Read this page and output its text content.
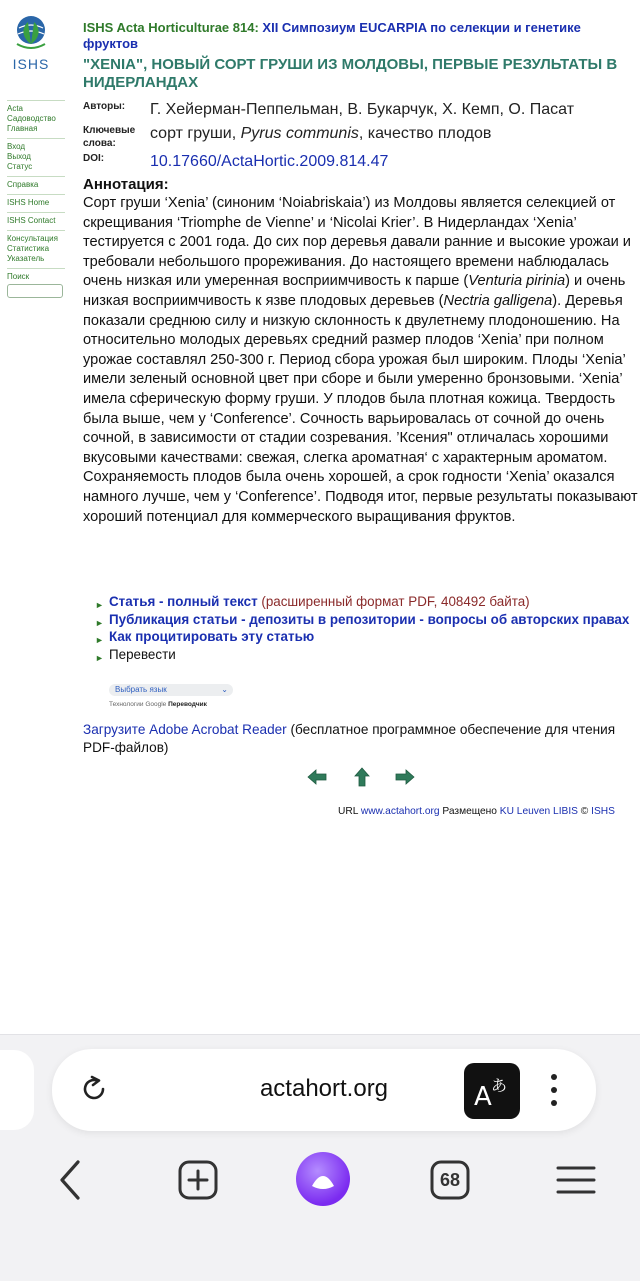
ISHS
Acta Садоводство
Главная
Вход
Выход
Статус
Справка
ISHS Home
ISHS Contact
Консультация
Статистика
Указатель
Поиск
ISHS Acta Horticulturae 814: XII Симпозиум EUCARPIA по селекции и генетике фруктов
"XENIA", НОВЫЙ СОРТ ГРУШИ ИЗ МОЛДОВЫ, ПЕРВЫЕ РЕЗУЛЬТАТЫ В НИДЕРЛАНДАХ
Авторы:	Г. Хейерман-Пеппельман, В. Букарчук, Х. Кемп, О. Пасат
Ключевые слова:
сорт груши, Pyrus communis, качество плодов
DOI:	10.17660/ActaHortic.2009.814.47
Аннотация:

Сорт груши ‘Xenia’ (синоним ‘Noiabriskaia’) из Молдовы является селекцией от скрещивания ‘Triomphe de Vienne’ и ‘Nicolai Krier’. В Нидерландах ‘Xenia’ тестируется с 2001 года. До сих пор деревья давали ранние и высокие урожаи и требовали небольшого прореживания. До настоящего времени наблюдалась очень низкая или умеренная восприимчивость к парше (Venturia pirinia) и очень низкая восприимчивость к язве плодовых деревьев (Nectria galligena). Деревья показали среднюю силу и низкую склонность к двулетнему плодоношению. На относительно молодых деревьях средний размер плодов ‘Xenia’ при полном урожае составлял 250-300 г. Период сбора урожая был широким. Плоды ‘Xenia’ имели зеленый основной цвет при сборе и были умеренно бронзовыми. ‘Xenia’ имела сферическую форму груши. У плодов была плотная кожица. Твердость была выше, чем у ‘Conference’. Сочность варьировалась от сочной до очень сочной, в зависимости от стадии созревания. ’Ксения" отличалась хорошими вкусовыми качествами: свежая, слегка ароматная‘ с характерным ароматом. Сохраняемость плодов была очень хорошей, а срок годности ‘Xenia’ оказался намного лучше, чем у ‘Conference’. Подводя итог, первые результаты показывают хороший потенциал для коммерческого выращивания фруктов.

► Статья - полный текст (расширенный формат PDF, 408492 байта)
► Публикация статьи - депозиты в репозитории - вопросы об авторских правах
► Как процитировать эту статью
► Перевести
Выбрать язык	⌄
Технологии Google Переводчик
Загрузите Adobe Acrobat Reader (бесплатное программное обеспечение для чтения PDF-файлов)
URL www.actahort.org Размещено KU Leuven LIBIS © ISHS
actahort.org	A あ
68
